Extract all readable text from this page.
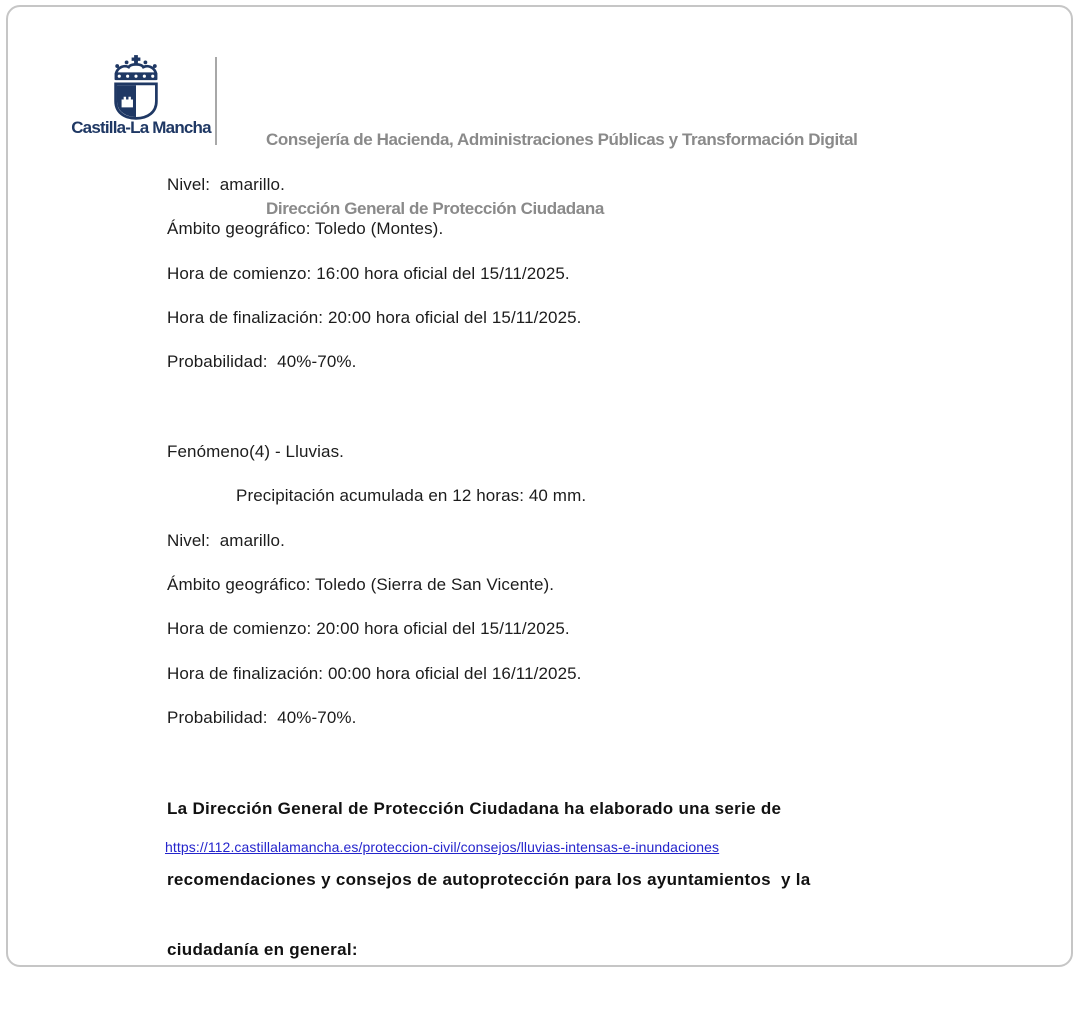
Castilla-La Mancha

Consejería de Hacienda, Administraciones Públicas y Transformación Digital

Dirección General de Protección Ciudadana

Nivel:  amarillo.
Ámbito geográfico: Toledo (Montes).
Hora de comienzo: 16:00 hora oficial del 15/11/2025.
Hora de finalización: 20:00 hora oficial del 15/11/2025.
Probabilidad:  40%-70%.
Fenómeno(4) - Lluvias.
Precipitación acumulada en 12 horas: 40 mm.
Nivel:  amarillo.
Ámbito geográfico: Toledo (Sierra de San Vicente).
Hora de comienzo: 20:00 hora oficial del 15/11/2025.
Hora de finalización: 00:00 hora oficial del 16/11/2025.
Probabilidad:  40%-70%.

La Dirección General de Protección Ciudadana ha elaborado una serie de

recomendaciones y consejos de autoprotección para los ayuntamientos  y la

ciudadanía en general:

https://112.castillalamancha.es/proteccion-civil/consejos/lluvias-intensas-e-inundaciones
